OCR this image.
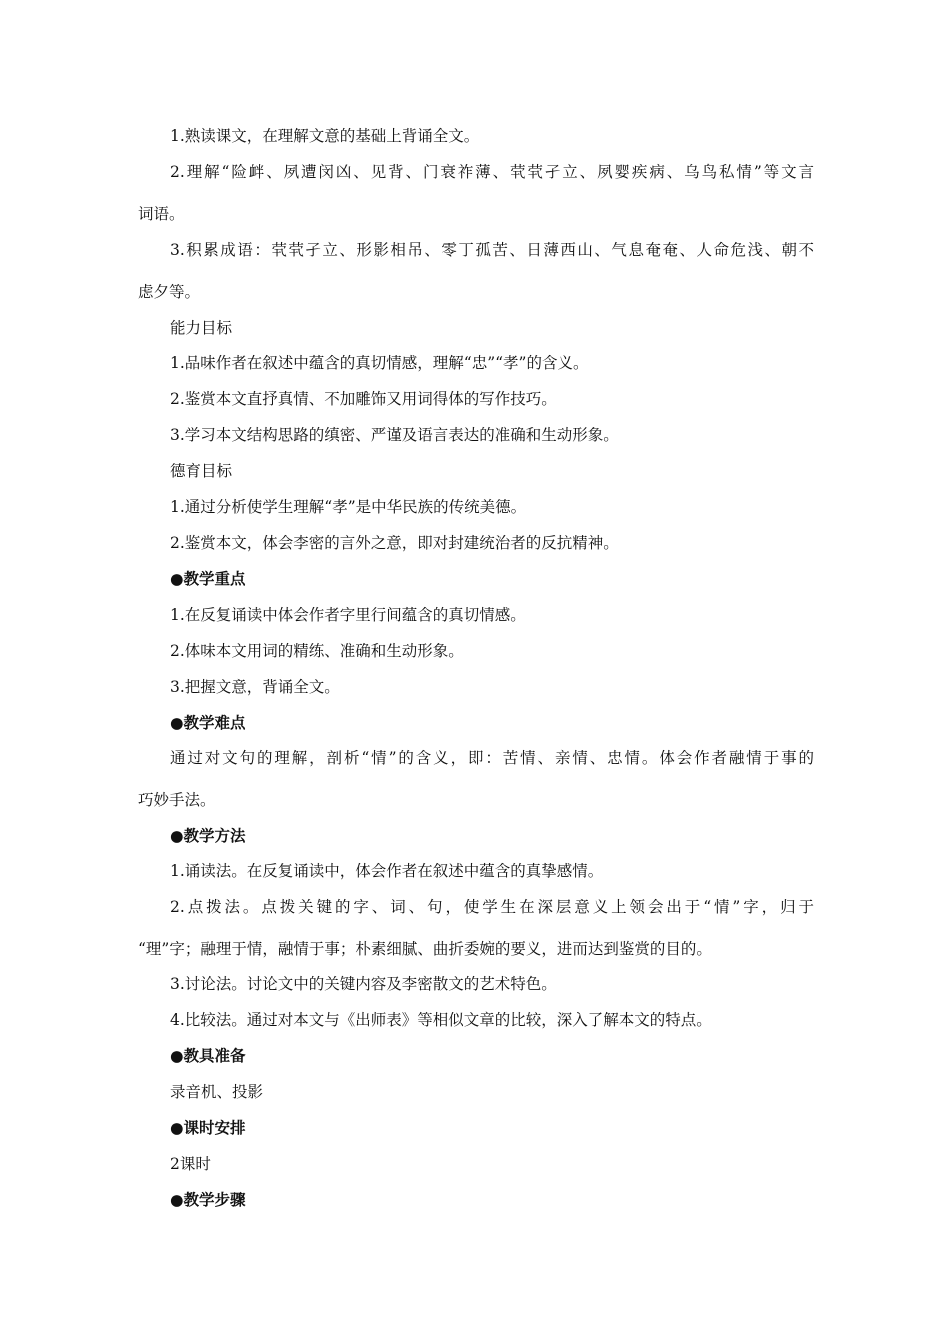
1.熟读课文，在理解文意的基础上背诵全文。
2.理解“险衅、夙遭闵凶、见背、门衰祚薄、茕茕孑立、夙婴疾病、乌鸟私情”等文言
词语。
3.积累成语：茕茕孑立、形影相吊、零丁孤苦、日薄西山、气息奄奄、人命危浅、朝不
虑夕等。
能力目标
1.品味作者在叙述中蕴含的真切情感，理解“忠”“孝”的含义。
2.鉴赏本文直抒真情、不加雕饰又用词得体的写作技巧。
3.学习本文结构思路的缜密、严谨及语言表达的准确和生动形象。
德育目标
1.通过分析使学生理解“孝”是中华民族的传统美德。
2.鉴赏本文，体会李密的言外之意，即对封建统治者的反抗精神。
●教学重点
1.在反复诵读中体会作者字里行间蕴含的真切情感。
2.体味本文用词的精练、准确和生动形象。
3.把握文意，背诵全文。
●教学难点
通过对文句的理解，剖析“情”的含义，即：苦情、亲情、忠情。体会作者融情于事的
巧妙手法。
●教学方法
1.诵读法。在反复诵读中，体会作者在叙述中蕴含的真挚感情。
2.点拨法。点拨关键的字、词、句，使学生在深层意义上领会出于“情”字，归于
“理”字；融理于情，融情于事；朴素细腻、曲折委婉的要义，进而达到鉴赏的目的。
3.讨论法。讨论文中的关键内容及李密散文的艺术特色。
4.比较法。通过对本文与《出师表》等相似文章的比较，深入了解本文的特点。
●教具准备
录音机、投影
●课时安排
2课时
●教学步骤
